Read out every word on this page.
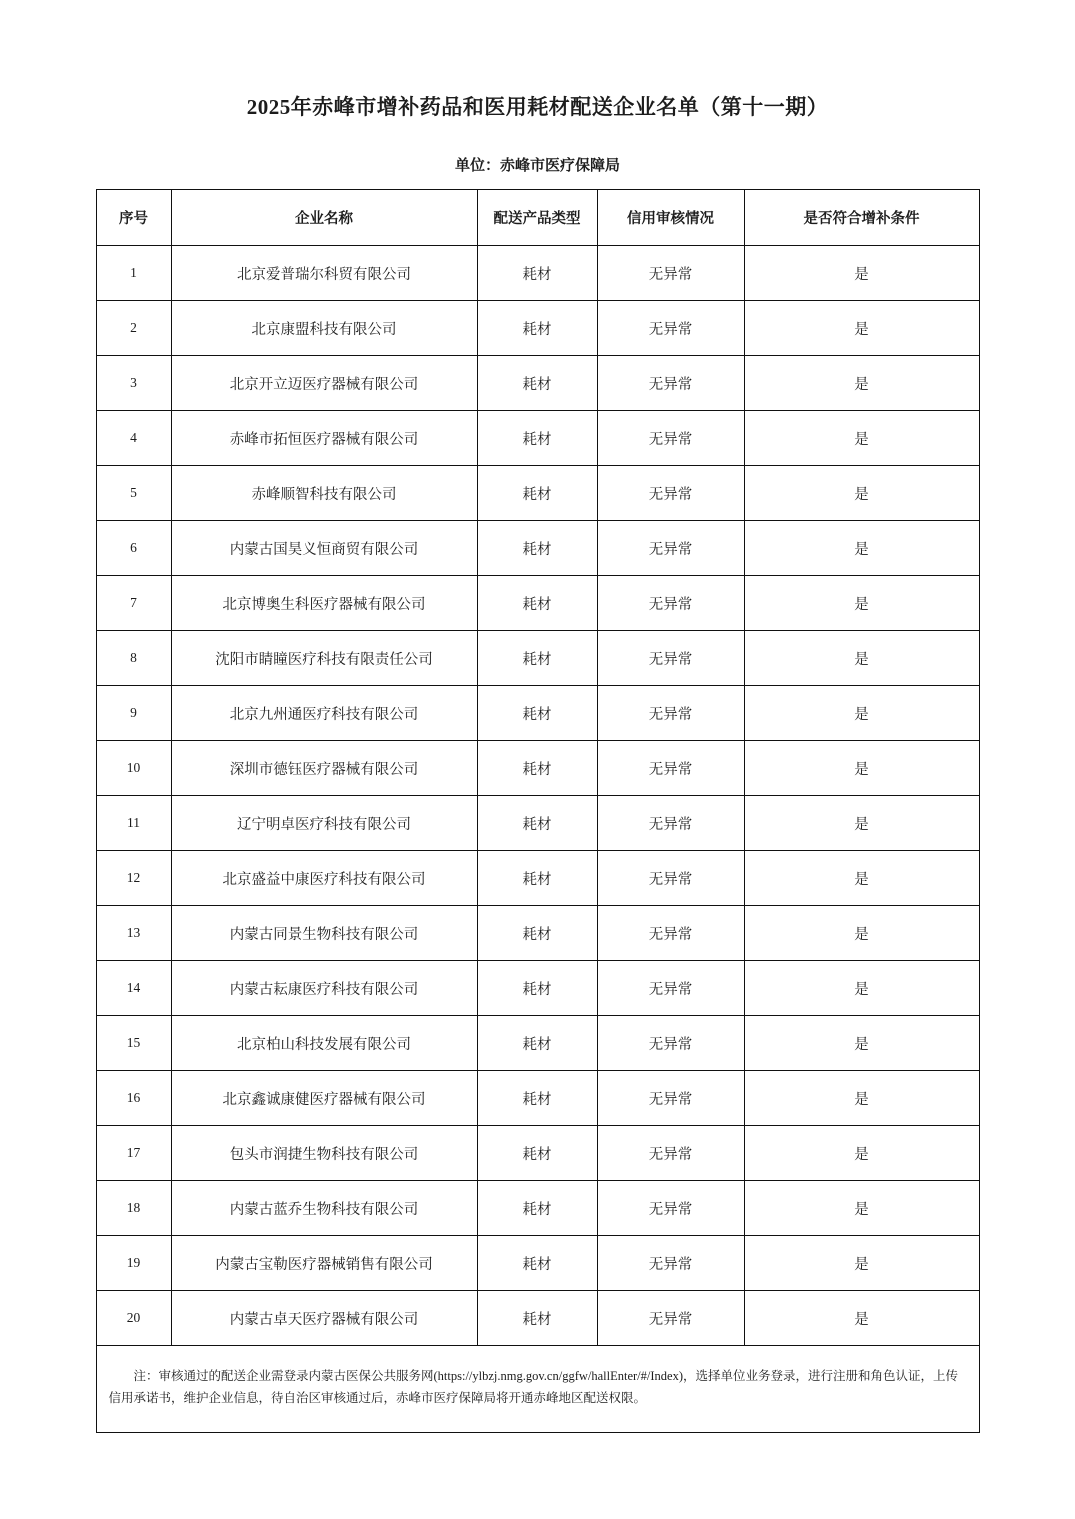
2025年赤峰市增补药品和医用耗材配送企业名单（第十一期）
单位：赤峰市医疗保障局
序号	企业名称	配送产品类型	信用审核情况	是否符合增补条件
1	北京爱普瑞尔科贸有限公司	耗材	无异常	是
2	北京康盟科技有限公司	耗材	无异常	是
3	北京开立迈医疗器械有限公司	耗材	无异常	是
4	赤峰市拓恒医疗器械有限公司	耗材	无异常	是
5	赤峰顺智科技有限公司	耗材	无异常	是
6	内蒙古国昊义恒商贸有限公司	耗材	无异常	是
7	北京博奥生科医疗器械有限公司	耗材	无异常	是
8	沈阳市睛瞳医疗科技有限责任公司	耗材	无异常	是
9	北京九州通医疗科技有限公司	耗材	无异常	是
10	深圳市德钰医疗器械有限公司	耗材	无异常	是
11	辽宁明卓医疗科技有限公司	耗材	无异常	是
12	北京盛益中康医疗科技有限公司	耗材	无异常	是
13	内蒙古同景生物科技有限公司	耗材	无异常	是
14	内蒙古耘康医疗科技有限公司	耗材	无异常	是
15	北京柏山科技发展有限公司	耗材	无异常	是
16	北京鑫诚康健医疗器械有限公司	耗材	无异常	是
17	包头市润捷生物科技有限公司	耗材	无异常	是
18	内蒙古蓝乔生物科技有限公司	耗材	无异常	是
19	内蒙古宝勒医疗器械销售有限公司	耗材	无异常	是
20	内蒙古卓天医疗器械有限公司	耗材	无异常	是

注：审核通过的配送企业需登录内蒙古医保公共服务网(https://ylbzj.nmg.gov.cn/ggfw/hallEnter/#/Index)，选择单位业务登录，进行注册和角色认证，上传信用承诺书，维护企业信息，待自治区审核通过后，赤峰市医疗保障局将开通赤峰地区配送权限。				
